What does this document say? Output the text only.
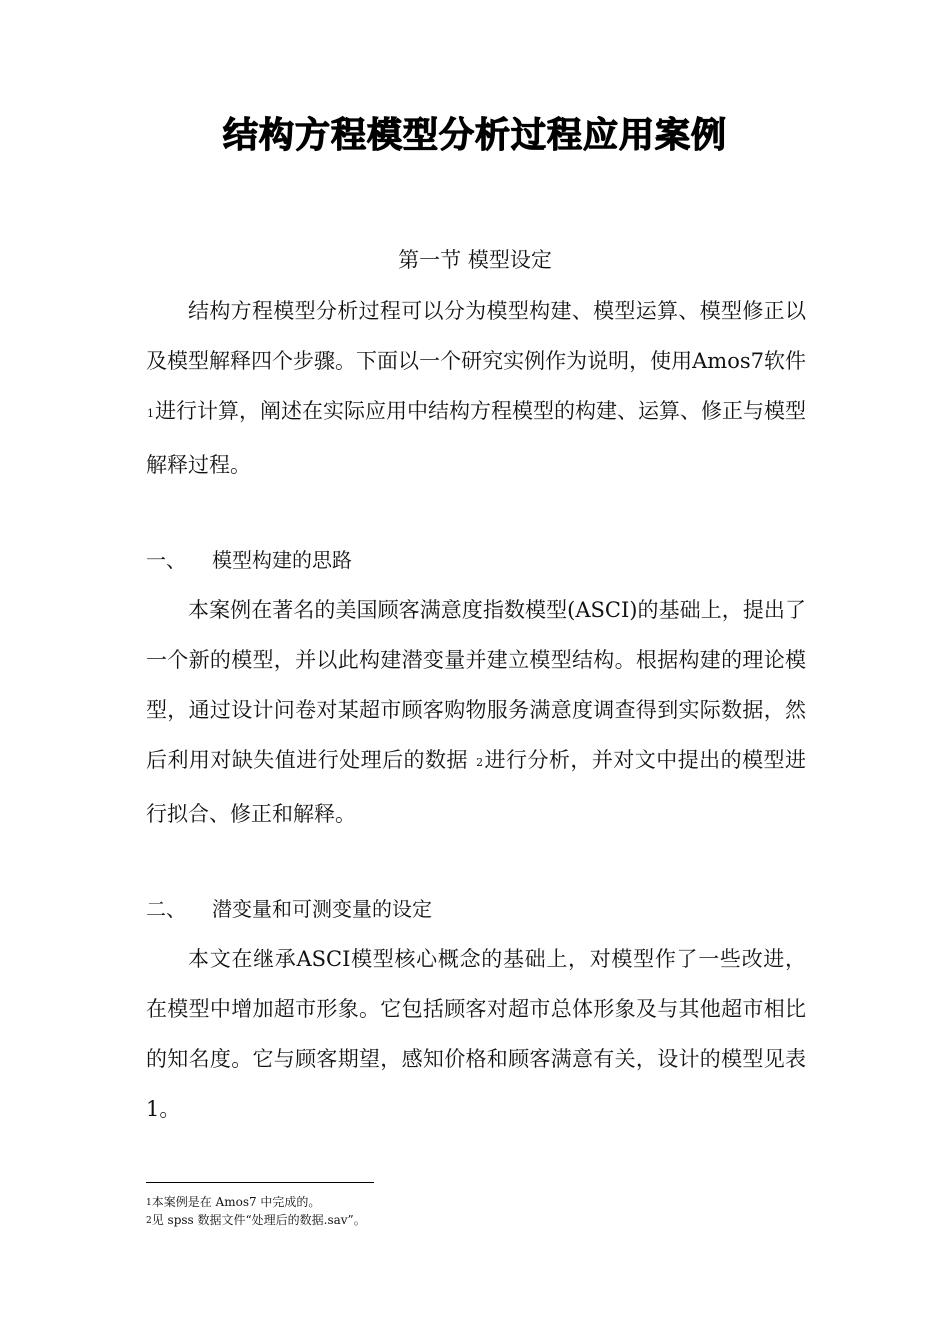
结构方程模型分析过程应用案例
第一节 模型设定

结构方程模型分析过程可以分为模型构建、模型运算、模型修正以及模型解释四个步骤。下面以一个研究实例作为说明，使用Amos7软件 1进行计算，阐述在实际应用中结构方程模型的构建、运算、修正与模型解释过程。

一、 模型构建的思路

本案例在著名的美国顾客满意度指数模型(ASCI)的基础上，提出了一个新的模型，并以此构建潜变量并建立模型结构。根据构建的理论模型，通过设计问卷对某超市顾客购物服务满意度调查得到实际数据，然后利用对缺失值进行处理后的数据 2进行分析，并对文中提出的模型进行拟合、修正和解释。

二、 潜变量和可测变量的设定

本文在继承ASCI模型核心概念的基础上，对模型作了一些改进，在模型中增加超市形象。它包括顾客对超市总体形象及与其他超市相比的知名度。它与顾客期望，感知价格和顾客满意有关，设计的模型见表 1。

1本案例是在 Amos7 中完成的。
2见 spss 数据文件“处理后的数据.sav”。
